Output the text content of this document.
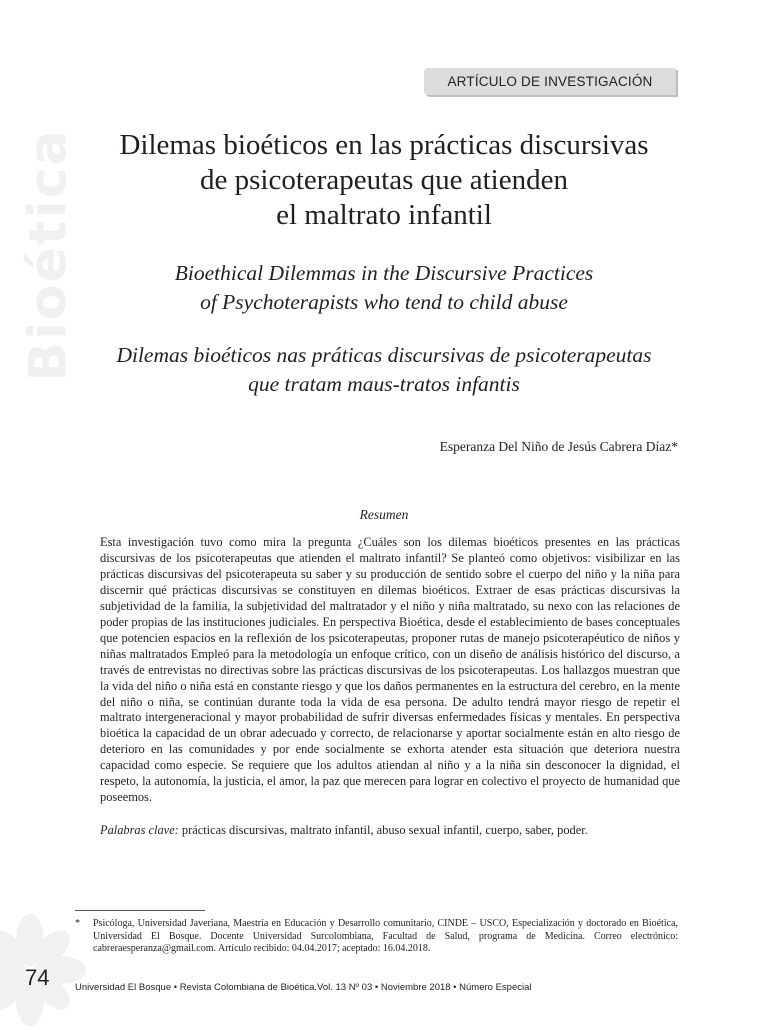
Bioética
ARTÍCULO DE INVESTIGACIÓN
Dilemas bioéticos en las prácticas discursivas
de psicoterapeutas que atienden
el maltrato infantil

Bioethical Dilemmas in the Discursive Practices
of Psychoterapists who tend to child abuse

Dilemas bioéticos nas práticas discursivas de psicoterapeutas
que tratam maus-tratos infantis

Esperanza Del Niño de Jesús Cabrera Díaz*
Resumen

Esta investigación tuvo como mira la pregunta ¿Cuáles son los dilemas bioéticos presentes en las prácticas discursivas de los psicoterapeutas que atienden el maltrato infantil? Se planteó como objetivos: visibilizar en las prácticas discursivas del psicoterapeuta su saber y su producción de sentido sobre el cuerpo del niño y la niña para discernir qué prácticas discursivas se constituyen en dilemas bioéticos. Extraer de esas prácticas discursivas la subjetividad de la familia, la subjetividad del maltratador y el niño y niña maltratado, su nexo con las relaciones de poder propias de las instituciones judiciales. En perspectiva Bioética, desde el establecimiento de bases conceptuales que potencien espacios en la reflexión de los psicoterapeutas, proponer rutas de manejo psicoterapéutico de niños y niñas maltratados Empleó para la metodología un enfoque crítico, con un diseño de análisis histórico del discurso, a través de entrevistas no directivas sobre las prácticas discursivas de los psicoterapeutas. Los hallazgos muestran que la vida del niño o niña está en constante riesgo y que los daños permanentes en la estructura del cerebro, en la mente del niño o niña, se continúan durante toda la vida de esa persona. De adulto tendrá mayor riesgo de repetir el maltrato intergeneracional y mayor probabilidad de sufrir diversas enfermedades físicas y mentales. En perspectiva bioética la capacidad de un obrar adecuado y correcto, de relacionarse y aportar socialmente están en alto riesgo de deterioro en las comunidades y por ende socialmente se exhorta atender esta situación que deteriora nuestra capacidad como especie. Se requiere que los adultos atiendan al niño y a la niña sin desconocer la dignidad, el respeto, la autonomía, la justicia, el amor, la paz que merecen para lograr en colectivo el proyecto de humanidad que poseemos.

Palabras clave: prácticas discursivas, maltrato infantil, abuso sexual infantil, cuerpo, saber, poder.

*	Psicóloga, Universidad Javeriana, Maestría en Educación y Desarrollo comunitario, CINDE – USCO, Especialización y doctorado en Bioética, Universidad El Bosque. Docente Universidad Surcolombiana, Facultad de Salud, programa de Medicina. Correo electrónico: cabreraesperanza@gmail.com. Artículo recibido: 04.04.2017; aceptado: 16.04.2018.
74	Universidad El Bosque • Revista Colombiana de Bioética.Vol. 13 Nº 03 • Noviembre 2018 • Número Especial
